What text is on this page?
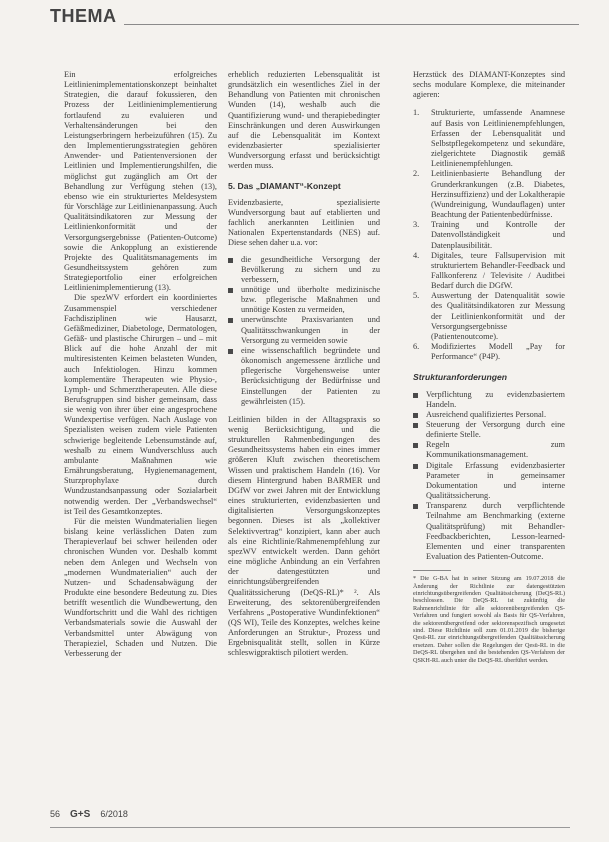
THEMA

Ein erfolgreiches Leitlinienimplementationskonzept beinhaltet Strategien, die darauf fokussieren, den Prozess der Leitlinienimplementierung fortlaufend zu evaluieren und Verhaltensänderungen bei den Leistungserbringern herbeizuführen (15). Zu den Implementierungsstrategien gehören Anwender- und Patientenversionen der Leitlinien und Implementierungshilfen, die möglichst gut zugänglich am Ort der Behandlung zur Verfügung stehen (13), ebenso wie ein strukturiertes Meldesystem für Vorschläge zur Leitlinienanpassung. Auch Qualitätsindikatoren zur Messung der Leitlinienkonformität und der Versorgungsergebnisse (Patienten-Outcome) sowie die Ankopplung an existierende Projekte des Qualitätsmanagements im Gesundheitssystem gehören zum Strategieportfolio einer erfolgreichen Leitlinienimplementierung (13).

Die spezWV erfordert ein koordiniertes Zusammenspiel verschiedener Fachdisziplinen wie Hausarzt, Gefäßmediziner, Diabetologe, Dermatologen, Gefäß- und plastische Chirurgen – und – mit Blick auf die hohe Anzahl der mit multiresistenten Keimen belasteten Wunden, auch Infektiologen. Hinzu kommen komplementäre Therapeuten wie Physio-, Lymph- und Schmerztherapeuten. Alle diese Berufsgruppen sind bisher gemeinsam, dass sie wenig von ihrer über eine angesprochene Wundexpertise verfügen. Nach Auslage von Spezialisten weisen zudem viele Patienten schwierige begleitende Lebensumstände auf, weshalb zu einem Wundverschluss auch ambulante Maßnahmen wie Ernährungsberatung, Hygienemanagement, Sturzprophylaxe durch Wundzustandsanpassung oder Sozialarbeit notwendig werden. Der „Verbandswechsel“ ist Teil des Gesamtkonzeptes.

Für die meisten Wundmaterialien liegen bislang keine verlässlichen Daten zum Therapieverlauf bei schwer heilenden oder chronischen Wunden vor. Deshalb kommt neben dem Anlegen und Wechseln von „modernen Wundmaterialien“ auch der Nutzen- und Schadensabwägung der Produkte eine besondere Bedeutung zu. Dies betrifft wesentlich die Wundbewertung, den Wundfortschritt und die Wahl des richtigen Verbandsmaterials sowie die Auswahl der Verbandsmittel unter Abwägung von Therapieziel, Schaden und Nutzen. Die Verbesserung der

erheblich reduzierten Lebensqualität ist grundsätzlich ein wesentliches Ziel in der Behandlung von Patienten mit chronischen Wunden (14), weshalb auch die Quantifizierung wund- und therapiebedingter Einschränkungen und deren Auswirkungen auf die Lebensqualität im Kontext evidenzbasierter spezialisierter Wundversorgung erfasst und berücksichtigt werden muss.

5. Das „DIAMANT“-Konzept

Evidenzbasierte, spezialisierte Wundversorgung baut auf etablierten und fachlich anerkannten Leitlinien und Nationalen Expertenstandards (NES) auf. Diese sehen daher u.a. vor:

die gesundheitliche Versorgung der Bevölkerung zu sichern und zu verbessern,
unnötige und überholte medizinische bzw. pflegerische Maßnahmen und unnötige Kosten zu vermeiden,
unerwünschte Praxisvarianten und Qualitätsschwankungen in der Versorgung zu vermeiden sowie
eine wissenschaftlich begründete und ökonomisch angemessene ärztliche und pflegerische Vorgehensweise unter Berücksichtigung der Bedürfnisse und Einstellungen der Patienten zu gewährleisten (15).

Leitlinien bilden in der Alltagspraxis so wenig Berücksichtigung, und die strukturellen Rahmenbedingungen des Gesundheitssystems haben ein eines immer größeren Kluft zwischen theoretischem Wissen und praktischem Handeln (16). Vor diesem Hintergrund haben BARMER und DGfW vor zwei Jahren mit der Entwicklung eines strukturierten, evidenzbasierten und digitalisierten Versorgungskonzeptes begonnen. Dieses ist als „kollektiver Selektivvertrag“ konzipiert, kann aber auch als eine Richtlinie/Rahmenempfehlung zur spezWV entwickelt werden. Dann gehört eine mögliche Anbindung an ein Verfahren der datengestützten und einrichtungsübergreifenden Qualitätssicherung (DeQS-RL)* ². Als Erweiterung, des sektorenübergreifenden Verfahrens „Postoperative Wundinfektionen“ (QS WI), Teile des Konzeptes, welches keine Anforderungen an Struktur-, Prozess und Ergebnisqualität stellt, sollen in Kürze schleswigpraktisch pilotiert werden.

Herzstück des DIAMANT-Konzeptes sind sechs modulare Komplexe, die miteinander agieren:

1. Strukturierte, umfassende Anamnese auf Basis von Leitlinienempfehlungen, Erfassen der Lebensqualität und Selbstpflegekompetenz und sekundäre, zielgerichtete Diagnostik gemäß Leitlinienempfehlungen.
2. Leitlinienbasierte Behandlung der Grunderkrankungen (z.B. Diabetes, Herzinsuffizienz) und der Lokaltherapie (Wundreinigung, Wundauflagen) unter Beachtung der Patientenbedürfnisse.
3. Training und Kontrolle der Datenvollständigkeit und Datenplausibilität.
4. Digitales, teure Fallsupervision mit strukturiertem Behandler-Feedback und Fallkonferenz / Televisite / Auditbei Bedarf durch die DGfW.
5. Auswertung der Datenqualität sowie des Qualitätsindikatoren zur Messung der Leitlinienkonformität und der Versorgungsergebnisse (Patientenoutcome).
6. Modifiziertes Modell „Pay for Performance“ (P4P).
Strukturanforderungen
Verpflichtung zu evidenzbasiertem Handeln.
Ausreichend qualifiziertes Personal.
Steuerung der Versorgung durch eine definierte Stelle.
Regeln zum Kommunikationsmanagement.
Digitale Erfassung evidenzbasierter Parameter in gemeinsamer Dokumentation und interne Qualitätssicherung.
Transparenz durch verpflichtende Teilnahme am Benchmarking (externe Qualitätsprüfung) mit Behandler-Feedbackberichten, Lesson-learned-Elementen und einer transparenten Evaluation des Patienten-Outcome.

* Die G-BA hat in seiner Sitzung am 19.07.2018 die Änderung der Richtlinie zur datengestützten einrichtungsübergreifenden Qualitätssicherung (DeQS-RL) beschlossen. Die DeQS-RL ist zukünftig die Rahmenrichtlinie für alle sektorenübergreifenden QS-Verfahren und fungiert sowohl als Basis für QS-Verfahren, die sektorenübergreifend oder sektorenspezifisch umgesetzt sind. Diese Richtlinie soll zum 01.01.2019 die bisherige Qesü-RL zur einrichtungsübergreifenden Qualitätssicherung ersetzen. Daher sollen die Regelungen der Qesü-RL in die DeQS-RL übergehen und die bestehenden QS-Verfahren der QSKH-RL auch unter die DeQS-RL überführt werden.

56 G+S 6/2018
